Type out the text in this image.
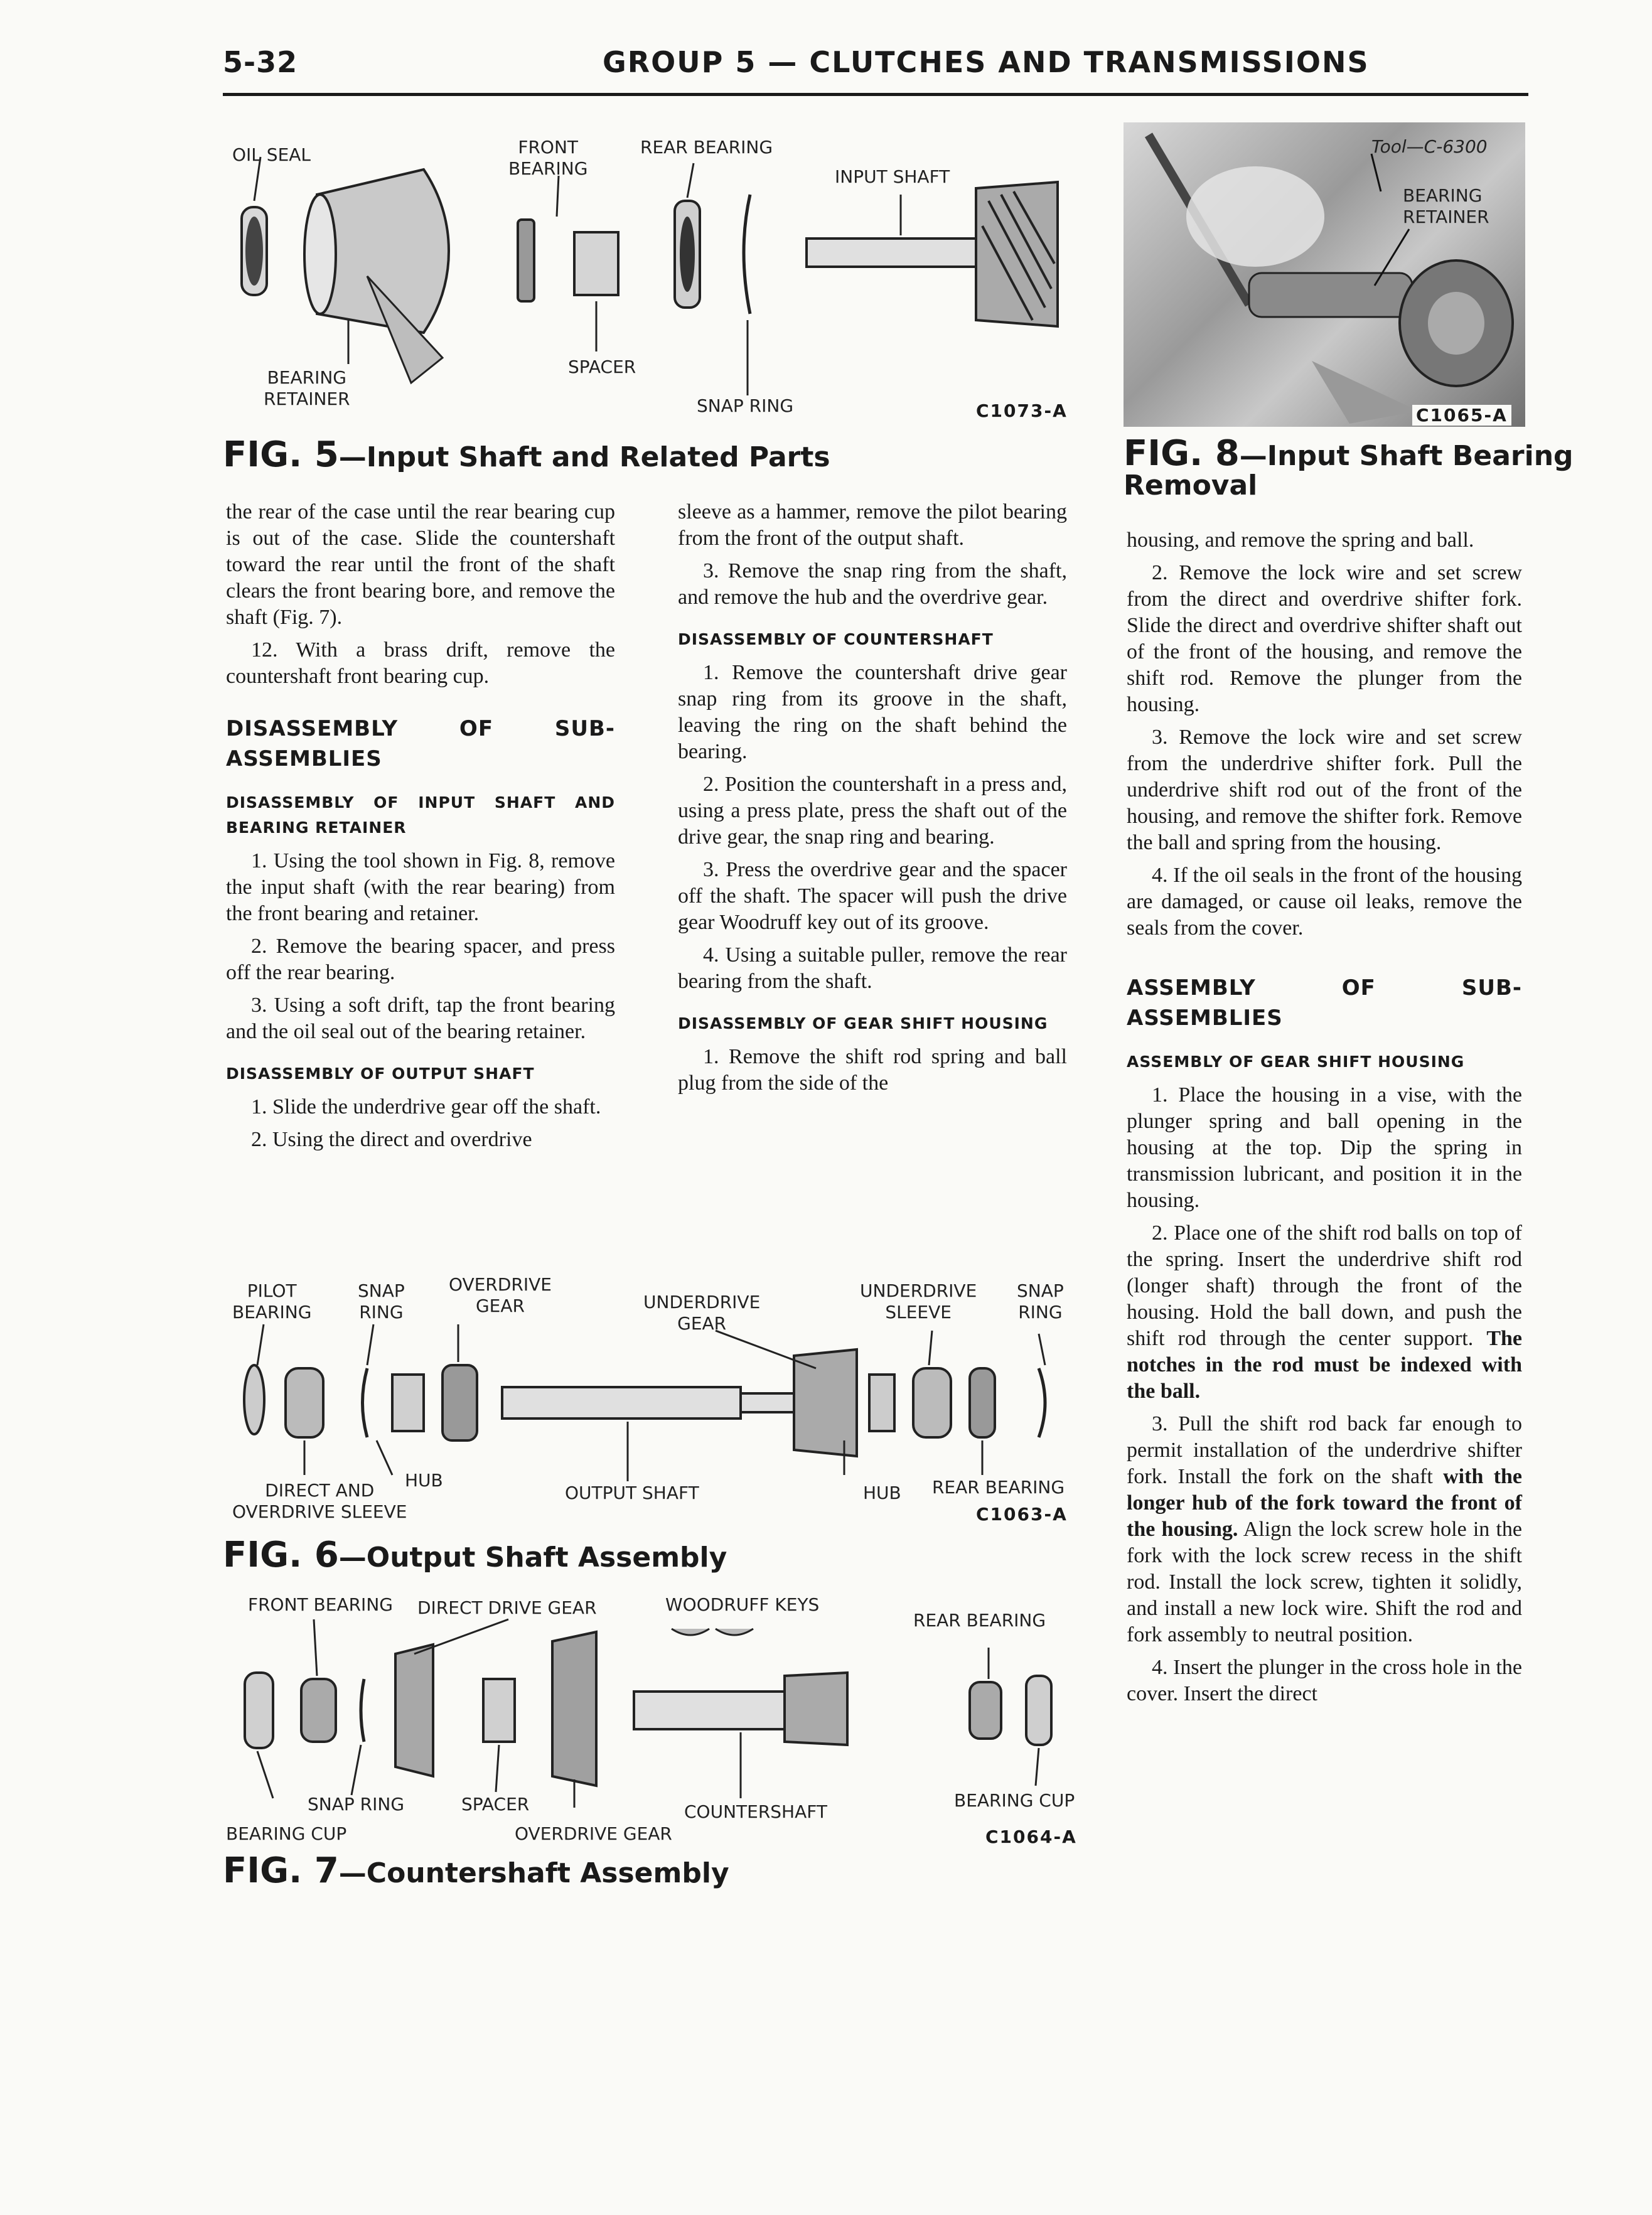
5-32	GROUP 5 — CLUTCHES AND TRANSMISSIONS
OIL SEAL	FRONT
BEARING
REAR BEARING
INPUT SHAFT
BEARING
RETAINER
SPACER
SNAP RING	C1073-A
FIG. 5—Input Shaft and Related Parts
Tool—C-6300
BEARING
RETAINER
C1065-A
FIG. 8—Input Shaft Bearing
Removal

the rear of the case until the rear bearing cup is out of the case. Slide the countershaft toward the rear until the front of the shaft clears the front bearing bore, and remove the shaft (Fig. 7).

12. With a brass drift, remove the countershaft front bearing cup.

DISASSEMBLY OF SUB-ASSEMBLIES
DISASSEMBLY OF INPUT SHAFT AND BEARING RETAINER

1. Using the tool shown in Fig. 8, remove the input shaft (with the rear bearing) from the front bearing and retainer.

2. Remove the bearing spacer, and press off the rear bearing.

3. Using a soft drift, tap the front bearing and the oil seal out of the bearing retainer.

DISASSEMBLY OF OUTPUT SHAFT

1. Slide the underdrive gear off the shaft.

2. Using the direct and overdrive

sleeve as a hammer, remove the pilot bearing from the front of the output shaft.

3. Remove the snap ring from the shaft, and remove the hub and the overdrive gear.

DISASSEMBLY OF COUNTERSHAFT

1. Remove the countershaft drive gear snap ring from its groove in the shaft, leaving the ring on the shaft behind the bearing.

2. Position the countershaft in a press and, using a press plate, press the shaft out of the drive gear, the snap ring and bearing.

3. Press the overdrive gear and the spacer off the shaft. The spacer will push the drive gear Woodruff key out of its groove.

4. Using a suitable puller, remove the rear bearing from the shaft.

DISASSEMBLY OF GEAR SHIFT HOUSING

1. Remove the shift rod spring and ball plug from the side of the

housing, and remove the spring and ball.

2. Remove the lock wire and set screw from the direct and overdrive shifter fork. Slide the direct and overdrive shifter shaft out of the front of the housing, and remove the shift rod. Remove the plunger from the housing.

3. Remove the lock wire and set screw from the underdrive shifter fork. Pull the underdrive shift rod out of the front of the housing, and remove the shifter fork. Remove the ball and spring from the housing.

4. If the oil seals in the front of the housing are damaged, or cause oil leaks, remove the seals from the cover.

ASSEMBLY OF SUB-ASSEMBLIES
ASSEMBLY OF GEAR SHIFT HOUSING

1. Place the housing in a vise, with the plunger spring and ball opening in the housing at the top. Dip the spring in transmission lubricant, and position it in the housing.

2. Place one of the shift rod balls on top of the spring. Insert the underdrive shift rod (longer shaft) through the front of the housing. Hold the ball down, and push the shift rod through the center support. The notches in the rod must be indexed with the ball.

3. Pull the shift rod back far enough to permit installation of the underdrive shifter fork. Install the fork on the shaft with the longer hub of the fork toward the front of the housing. Align the lock screw hole in the fork with the lock screw recess in the shift rod. Install the lock screw, tighten it solidly, and install a new lock wire. Shift the rod and fork assembly to neutral position.

4. Insert the plunger in the cross hole in the cover. Insert the direct

PILOT
BEARING
SNAP
RING
OVERDRIVE
GEAR	UNDERDRIVE
GEAR
UNDERDRIVE
SLEEVE
SNAP
RING
DIRECT AND
OVERDRIVE SLEEVE
HUB
OUTPUT SHAFT	HUB REAR BEARING
C1063-A
FIG. 6—Output Shaft Assembly
FRONT BEARING DIRECT DRIVE GEAR	WOODRUFF KEYS
REAR BEARING
SNAP RING	SPACER	COUNTERSHAFT
BEARING CUP
BEARING CUP	OVERDRIVE GEAR	C1064-A
FIG. 7—Countershaft Assembly
